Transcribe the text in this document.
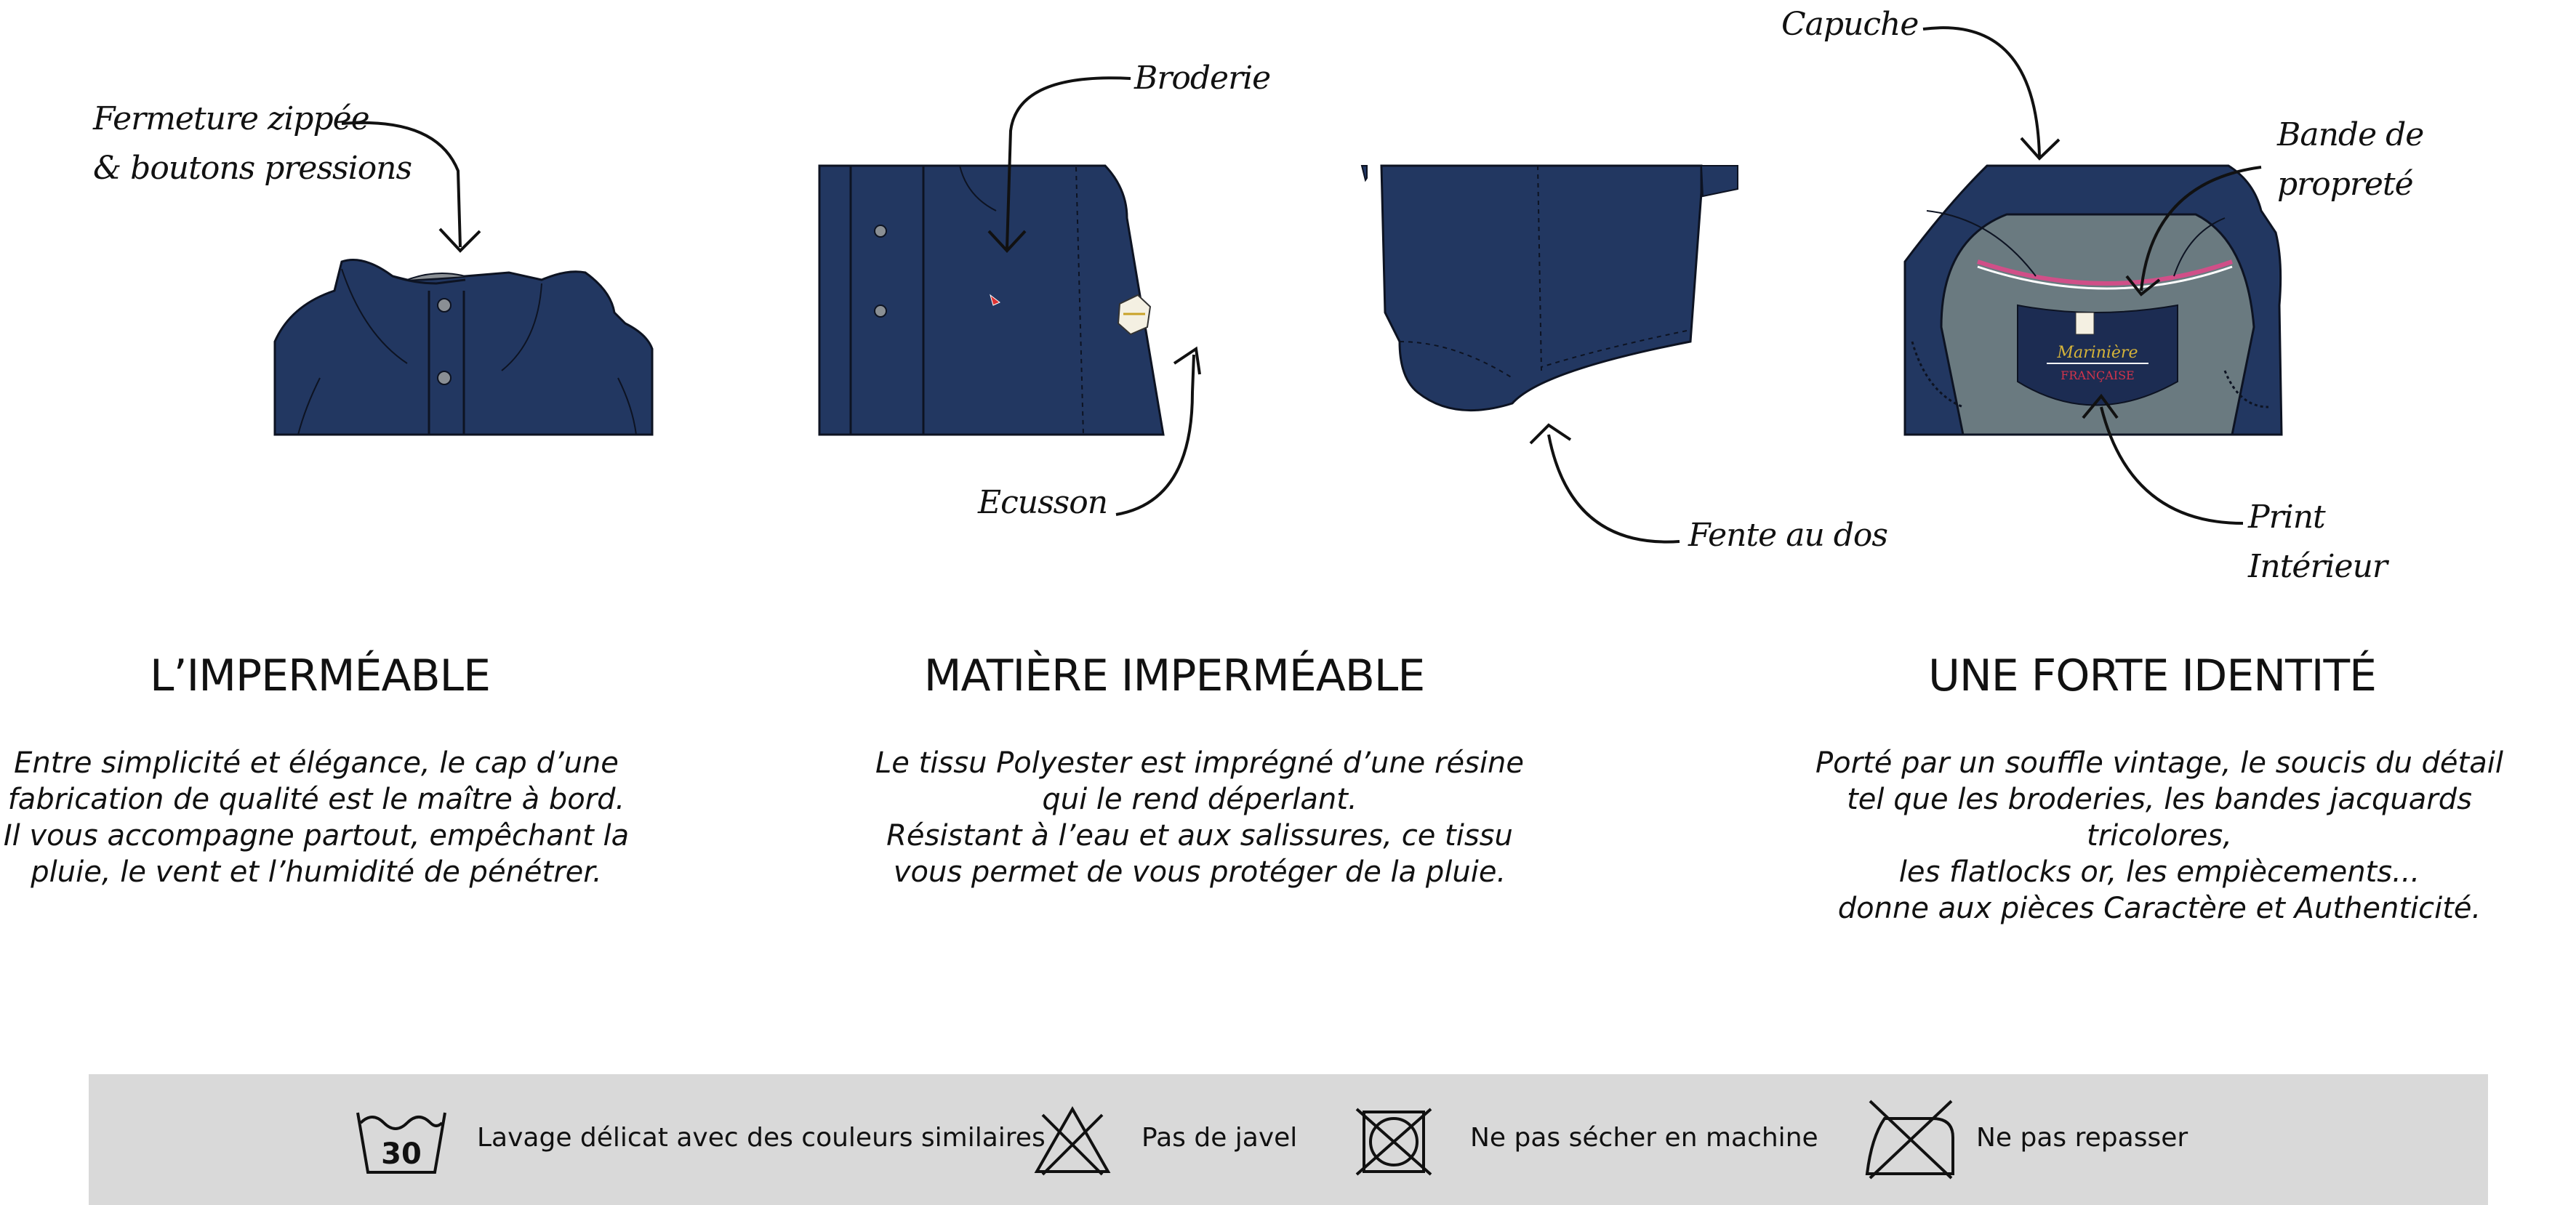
Marinière
FRANÇAISE
Fermeture zippée
& boutons pressions
Broderie
Ecusson
Fente au dos
Capuche
Bande de
propreté
Print
Intérieur
L’IMPERMÉABLE
Entre simplicité et élégance, le cap d’une
fabrication de qualité est le maître à bord.
Il vous accompagne partout, empêchant la
pluie, le vent et l’humidité de pénétrer.
MATIÈRE IMPERMÉABLE
Le tissu Polyester est imprégné d’une résine
qui le rend déperlant.
Résistant à l’eau et aux salissures, ce tissu
vous permet de vous protéger de la pluie.
UNE FORTE IDENTITÉ
Porté par un souffle vintage, le soucis du détail
tel que les broderies, les bandes jacquards tricolores,
les flatlocks or, les empiècements...
donne aux pièces Caractère et Authenticité.
30 Lavage délicat avec des couleurs similaires	Pas de javel	Ne pas sécher en machine	Ne pas repasser
